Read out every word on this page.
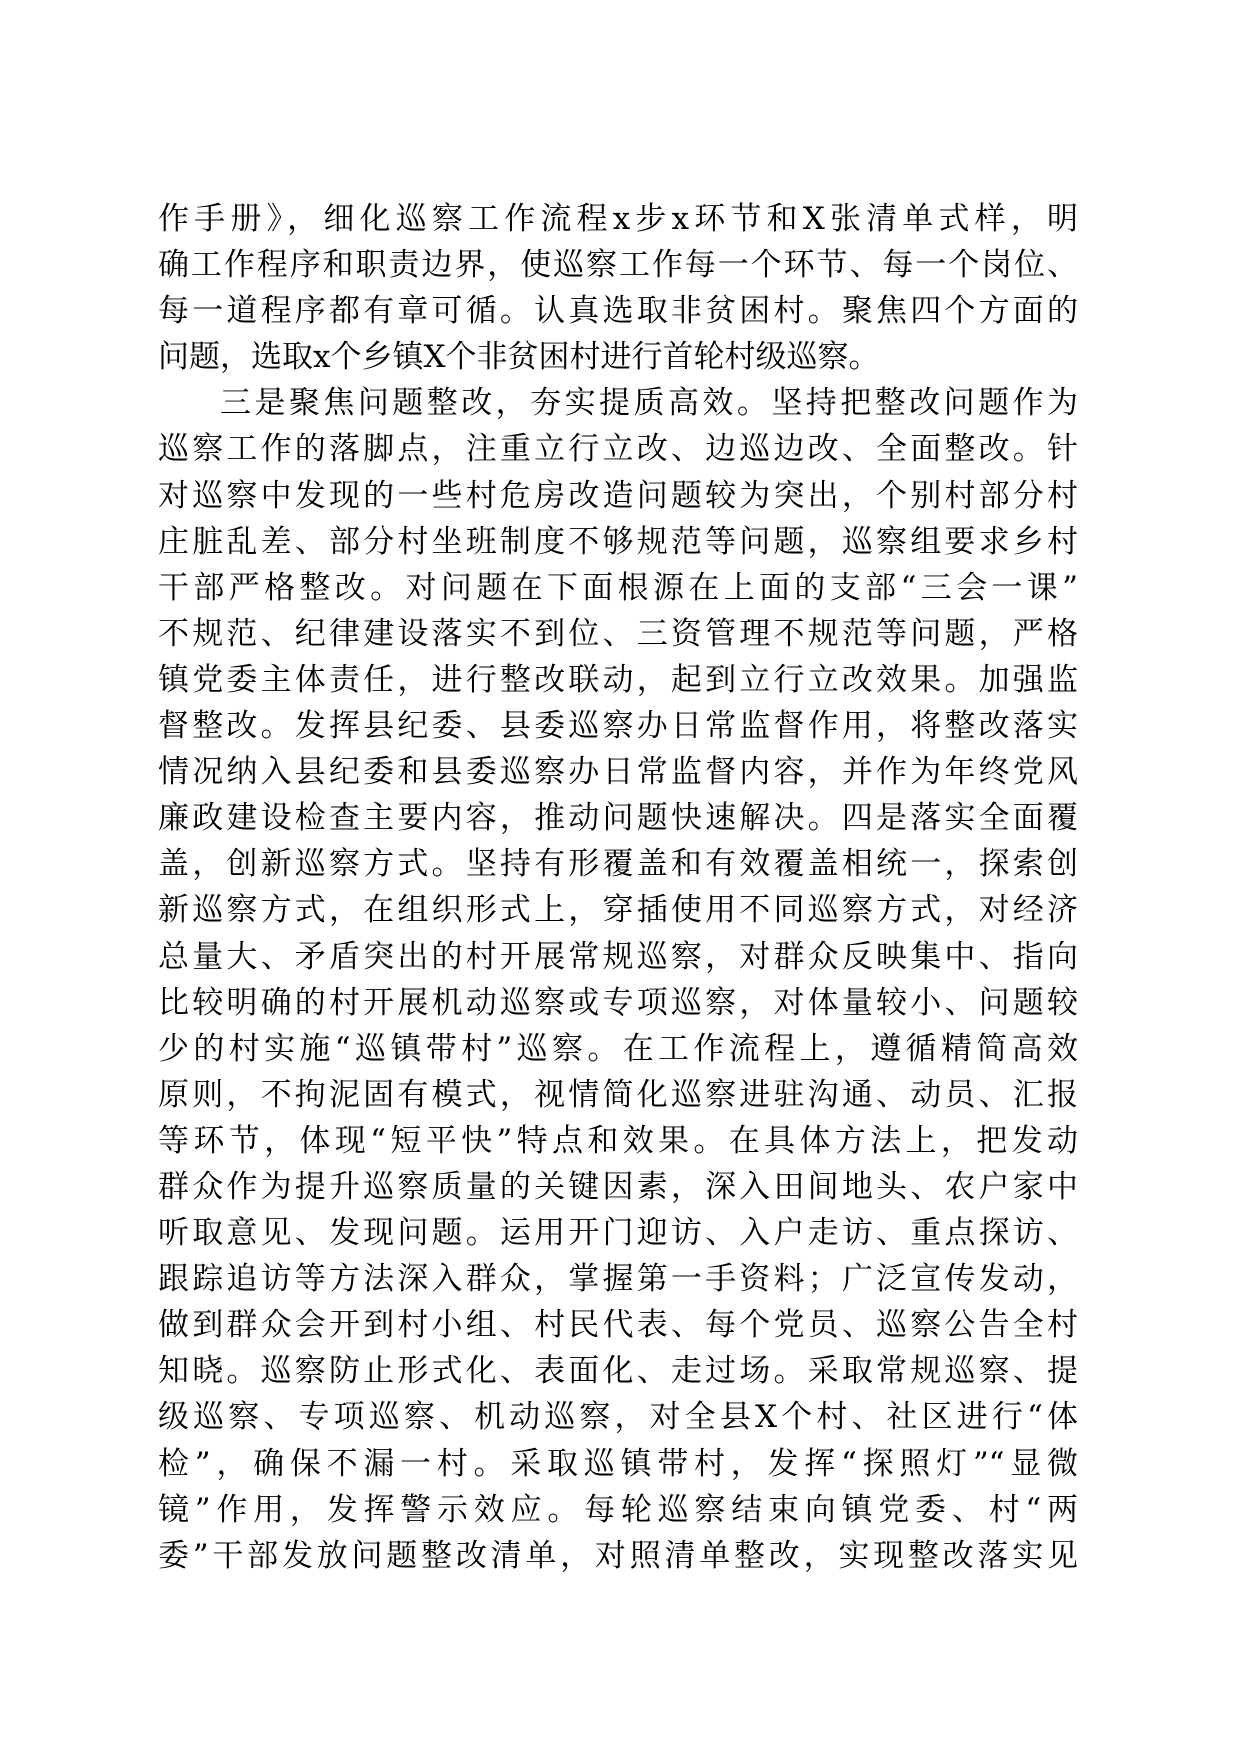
作手册》，细化巡察工作流程x步x环节和X张清单式样，明
确工作程序和职责边界，使巡察工作每一个环节、每一个岗位、
每一道程序都有章可循。认真选取非贫困村。聚焦四个方面的
问题，选取x个乡镇X个非贫困村进行首轮村级巡察。
三是聚焦问题整改，夯实提质高效。坚持把整改问题作为
巡察工作的落脚点，注重立行立改、边巡边改、全面整改。针
对巡察中发现的一些村危房改造问题较为突出，个别村部分村
庄脏乱差、部分村坐班制度不够规范等问题，巡察组要求乡村
干部严格整改。对问题在下面根源在上面的支部“三会一课”
不规范、纪律建设落实不到位、三资管理不规范等问题，严格
镇党委主体责任，进行整改联动，起到立行立改效果。加强监
督整改。发挥县纪委、县委巡察办日常监督作用，将整改落实
情况纳入县纪委和县委巡察办日常监督内容，并作为年终党风
廉政建设检查主要内容，推动问题快速解决。四是落实全面覆
盖，创新巡察方式。坚持有形覆盖和有效覆盖相统一，探索创
新巡察方式，在组织形式上，穿插使用不同巡察方式，对经济
总量大、矛盾突出的村开展常规巡察，对群众反映集中、指向
比较明确的村开展机动巡察或专项巡察，对体量较小、问题较
少的村实施“巡镇带村”巡察。在工作流程上，遵循精简高效
原则，不拘泥固有模式，视情简化巡察进驻沟通、动员、汇报
等环节，体现“短平快”特点和效果。在具体方法上，把发动
群众作为提升巡察质量的关键因素，深入田间地头、农户家中
听取意见、发现问题。运用开门迎访、入户走访、重点探访、
跟踪追访等方法深入群众，掌握第一手资料；广泛宣传发动，
做到群众会开到村小组、村民代表、每个党员、巡察公告全村
知晓。巡察防止形式化、表面化、走过场。采取常规巡察、提
级巡察、专项巡察、机动巡察，对全县X个村、社区进行“体
检”，确保不漏一村。采取巡镇带村，发挥“探照灯”“显微
镜”作用，发挥警示效应。每轮巡察结束向镇党委、村“两
委”干部发放问题整改清单，对照清单整改，实现整改落实见
